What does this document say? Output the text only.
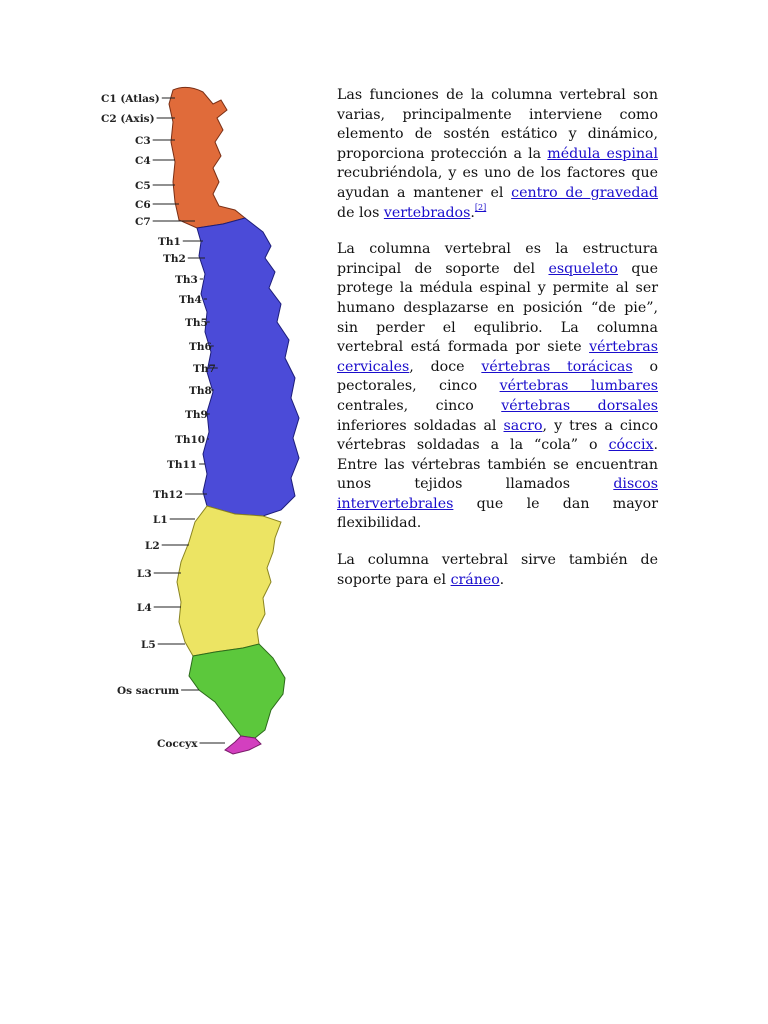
C1 (Atlas)
C2 (Axis)
C3
C4
C5
C6
C7
Th1
Th2
Th3
Th4
Th5
Th6
Th7
Th8
Th9
Th10
Th11
Th12
L1
L2
L3
L4
L5
Os sacrum
Coccyx

Las funciones de la columna vertebral son varias, principalmente interviene como elemento de sostén estático y dinámico, proporciona protección a la médula espinal recubriéndola, y es uno de los factores que ayudan a mantener el centro de gravedad de los vertebrados.[2]

La columna vertebral es la estructura principal de soporte del esqueleto que protege la médula espinal y permite al ser humano desplazarse en posición “de pie”, sin perder el equlibrio. La columna vertebral está formada por siete vértebras cervicales, doce vértebras torácicas o pectorales, cinco vértebras lumbares centrales, cinco vértebras dorsales inferiores soldadas al sacro, y tres a cinco vértebras soldadas a la “cola” o cóccix. Entre las vértebras también se encuentran unos tejidos llamados discos intervertebrales que le dan mayor flexibilidad.

La columna vertebral sirve también de soporte para el cráneo.
